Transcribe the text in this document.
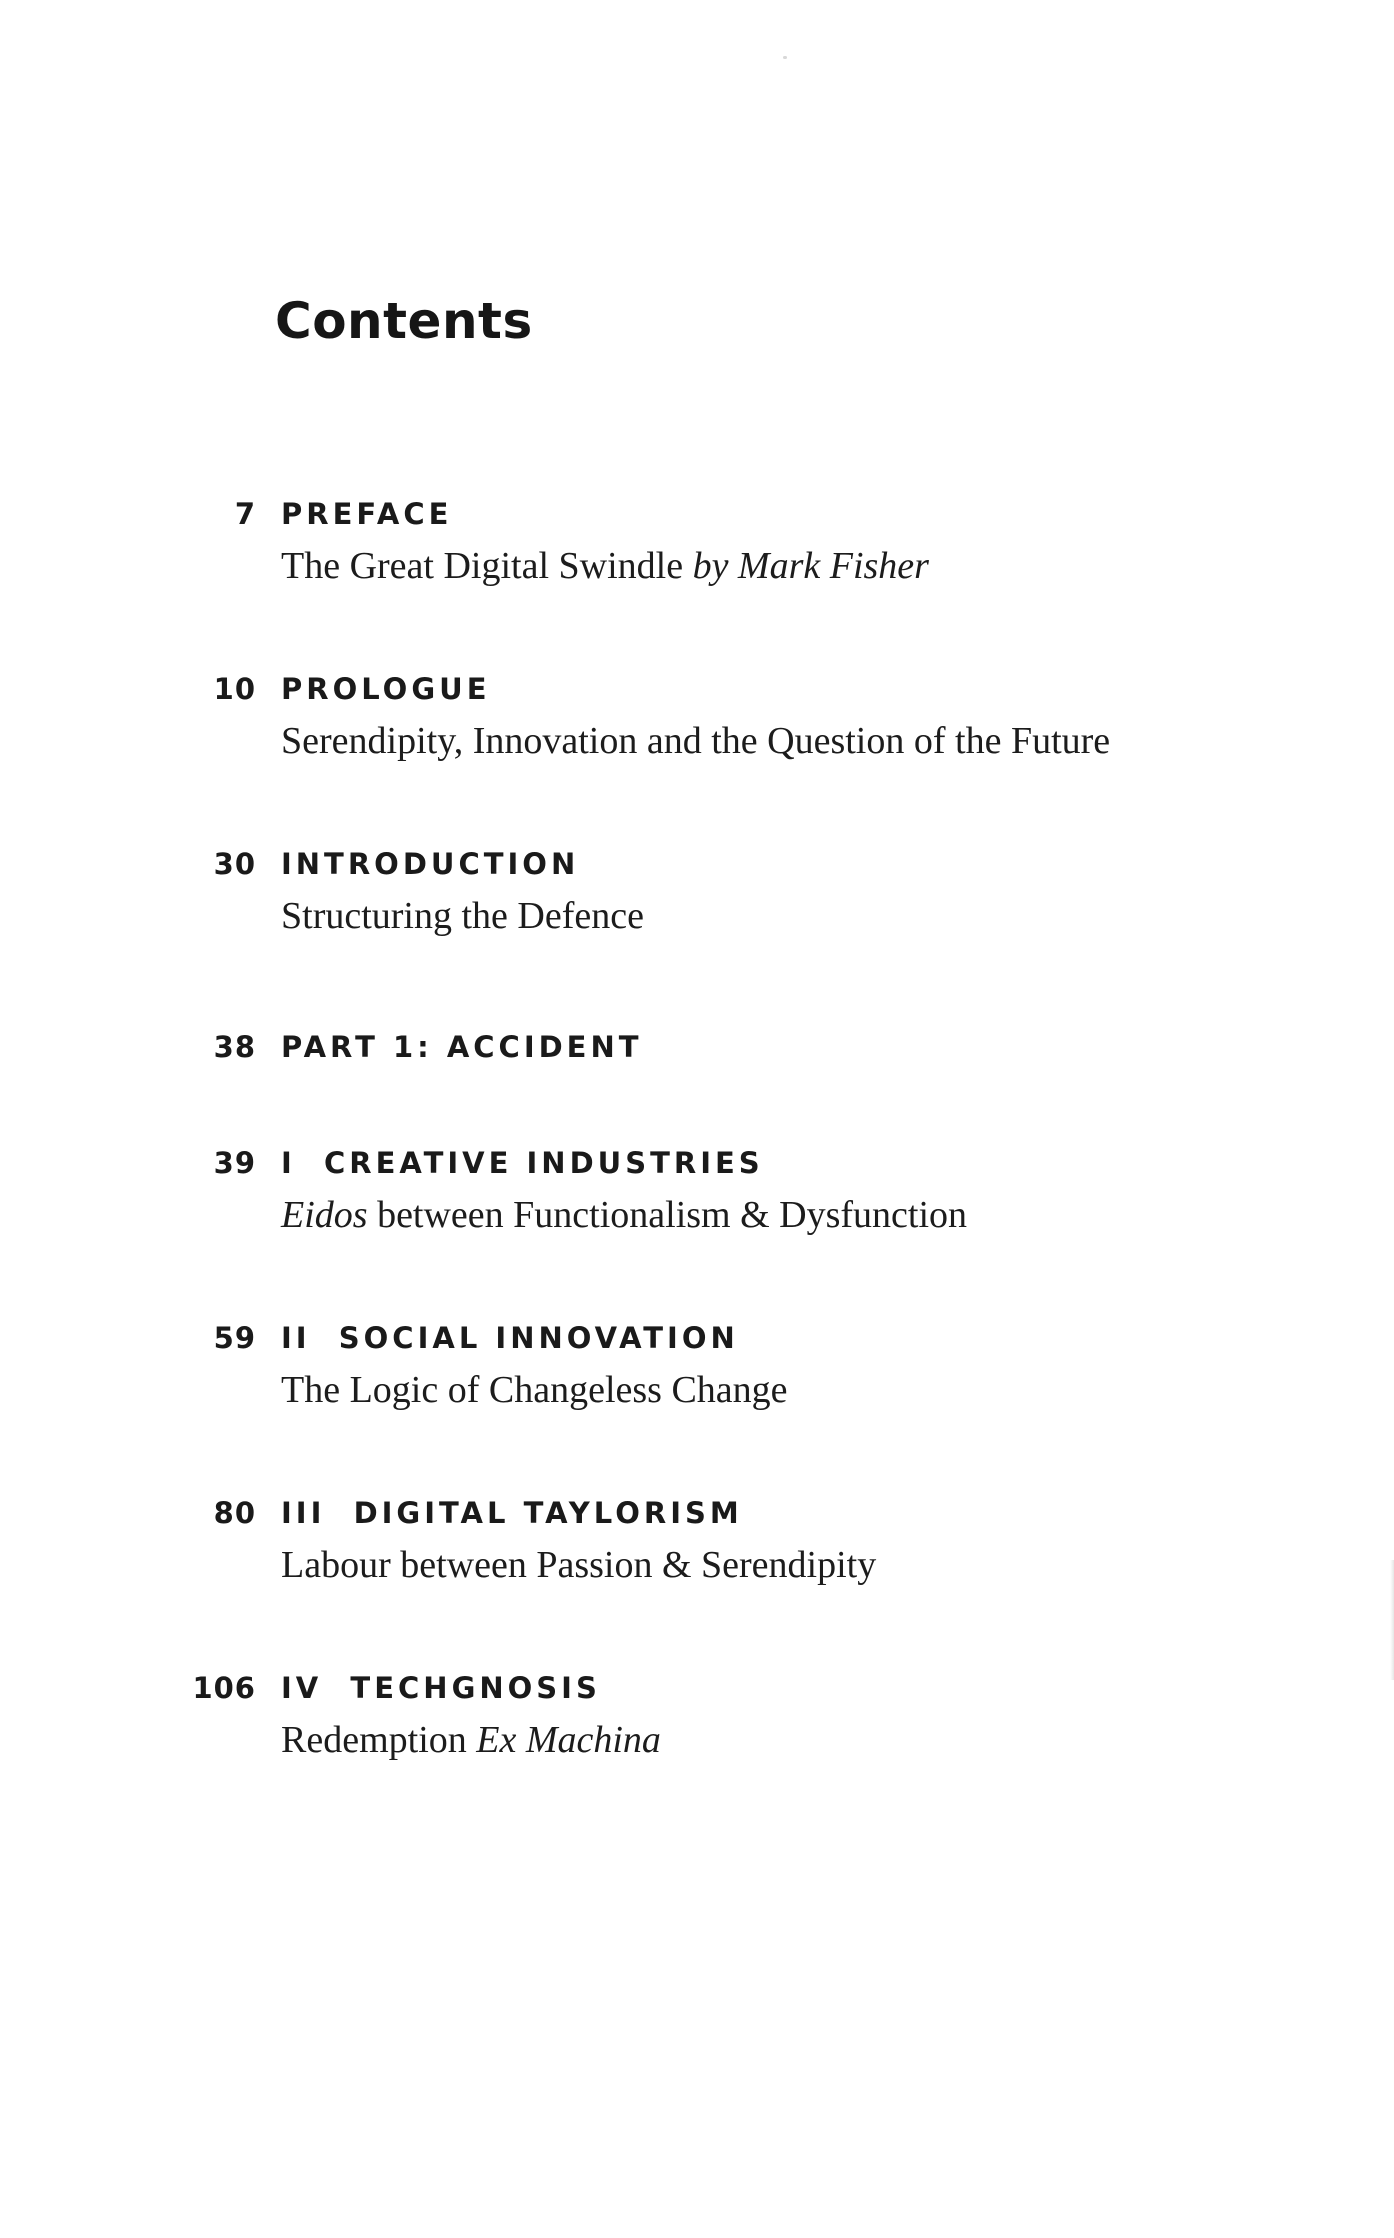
Contents
7 PREFACE
The Great Digital Swindle by Mark Fisher
10 PROLOGUE
Serendipity, Innovation and the Question of the Future
30 INTRODUCTION
Structuring the Defence
38 PART 1: ACCIDENT
39 I  CREATIVE INDUSTRIES
Eidos between Functionalism & Dysfunction
59 II  SOCIAL INNOVATION
The Logic of Changeless Change
80 III  DIGITAL TAYLORISM
Labour between Passion & Serendipity
106 IV  TECHGNOSIS
Redemption Ex Machina
